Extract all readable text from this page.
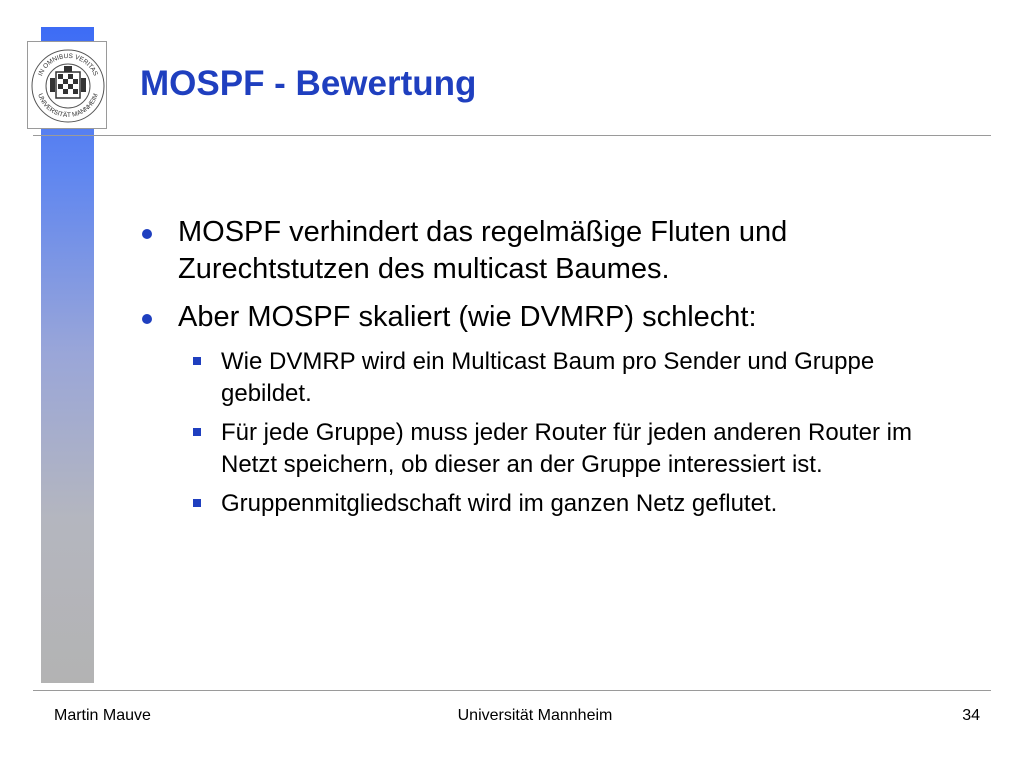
IN OMNIBUS VERITAS
UNIVERSITÄT MANNHEIM MOSPF - Bewertung
MOSPF verhindert das regelmäßige Fluten und Zurechtstutzen des multicast Baumes.
Aber MOSPF skaliert (wie DVMRP) schlecht:
Wie DVMRP wird ein Multicast Baum pro Sender und Gruppe gebildet.
Für jede Gruppe) muss jeder Router für jeden anderen Router im Netzt speichern, ob dieser an der Gruppe interessiert ist.
Gruppenmitgliedschaft wird im ganzen Netz geflutet.
Martin Mauve	Universität Mannheim	34
